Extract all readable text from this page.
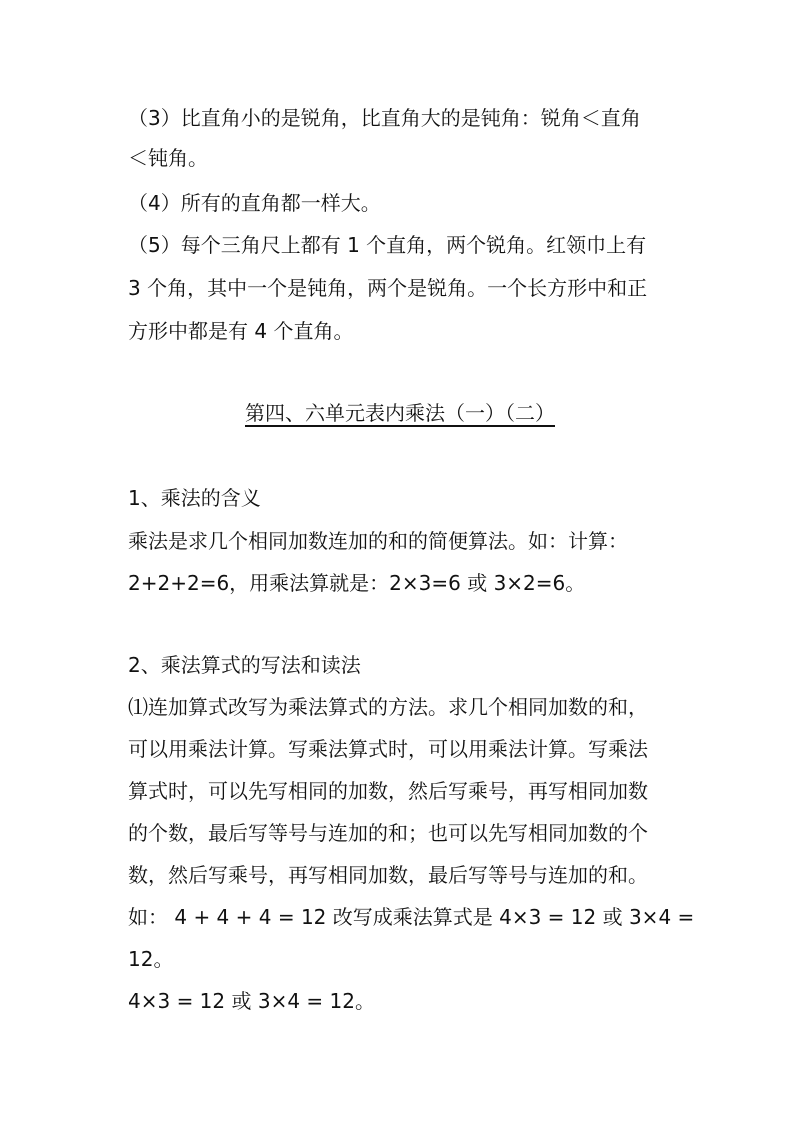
（3）比直角小的是锐角，比直角大的是钝角：锐角＜直角
＜钝角。
（4）所有的直角都一样大。
（5）每个三角尺上都有 1 个直角，两个锐角。红领巾上有
3 个角，其中一个是钝角，两个是锐角。一个长方形中和正
方形中都是有 4 个直角。
第四、六单元表内乘法（一）（二）
1、乘法的含义
乘法是求几个相同加数连加的和的简便算法。如：计算：
2+2+2=6，用乘法算就是：2×3=6 或 3×2=6。
2、乘法算式的写法和读法
⑴连加算式改写为乘法算式的方法。求几个相同加数的和，
可以用乘法计算。写乘法算式时，可以用乘法计算。写乘法
算式时，可以先写相同的加数，然后写乘号，再写相同加数
的个数，最后写等号与连加的和；也可以先写相同加数的个
数，然后写乘号，再写相同加数，最后写等号与连加的和。
如： 4 + 4 + 4 = 12 改写成乘法算式是 4×3 = 12 或 3×4 =
12。
4×3 = 12 或 3×4 = 12。
